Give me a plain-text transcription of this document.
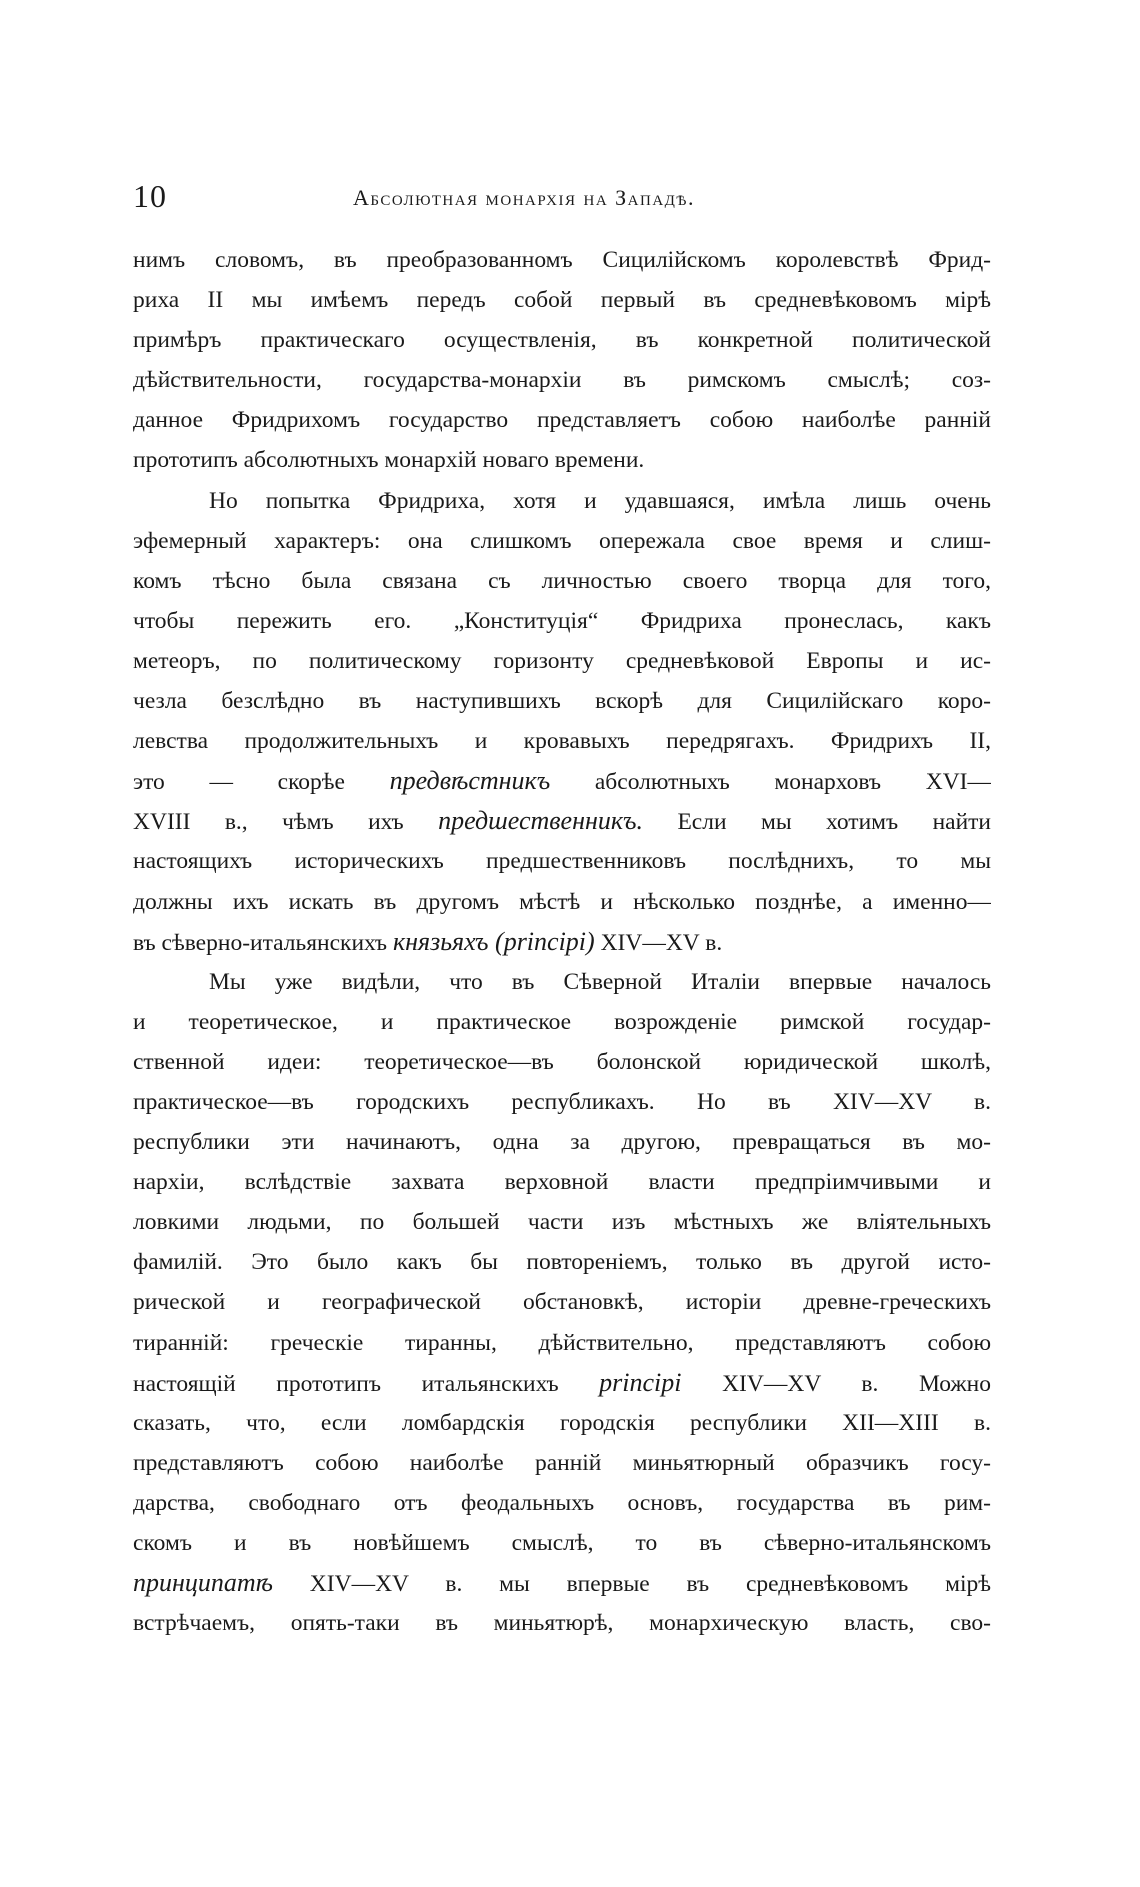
10	Абсолютная монархія на Западѣ.
нимъ словомъ, въ преобразованномъ Сицилійскомъ королевствѣ Фрид-
риха II мы имѣемъ передъ собой первый въ средневѣковомъ мірѣ
примѣръ практическаго осуществленія, въ конкретной политической
дѣйствительности, государства-монархіи въ римскомъ смыслѣ; соз-
данное Фридрихомъ государство представляетъ собою наиболѣе ранній
прототипъ абсолютныхъ монархій новаго времени.
Но попытка Фридриха, хотя и удавшаяся, имѣла лишь очень
эфемерный характеръ: она слишкомъ опережала свое время и слиш-
комъ тѣсно была связана съ личностью своего творца для того,
чтобы пережить его. „Конституція“ Фридриха пронеслась, какъ
метеоръ, по политическому горизонту средневѣковой Европы и ис-
чезла безслѣдно въ наступившихъ вскорѣ для Сицилійскаго коро-
левства продолжительныхъ и кровавыхъ передрягахъ. Фридрихъ II,
это — скорѣе предвѣстникъ абсолютныхъ монарховъ XVI—
XVIII в., чѣмъ ихъ предшественникъ. Если мы хотимъ найти
настоящихъ историческихъ предшественниковъ послѣднихъ, то мы
должны ихъ искать въ другомъ мѣстѣ и нѣсколько позднѣе, а именно—
въ сѣверно-итальянскихъ князьяхъ (principi) XIV—XV в.
Мы уже видѣли, что въ Сѣверной Италіи впервые началось
и теоретическое, и практическое возрожденіе римской государ-
ственной идеи: теоретическое—въ болонской юридической школѣ,
практическое—въ городскихъ республикахъ. Но въ XIV—XV в.
республики эти начинаютъ, одна за другою, превращаться въ мо-
нархіи, вслѣдствіе захвата верховной власти предпріимчивыми и
ловкими людьми, по большей части изъ мѣстныхъ же вліятельныхъ
фамилій. Это было какъ бы повтореніемъ, только въ другой исто-
рической и географической обстановкѣ, исторіи древне-греческихъ
тиранній: греческіе тиранны, дѣйствительно, представляютъ собою
настоящій прототипъ итальянскихъ principi XIV—XV в. Можно
сказать, что, если ломбардскія городскія республики XII—XIII в.
представляютъ собою наиболѣе ранній миньятюрный образчикъ госу-
дарства, свободнаго отъ феодальныхъ основъ, государства въ рим-
скомъ и въ новѣйшемъ смыслѣ, то въ сѣверно-итальянскомъ
принципатѣ XIV—XV в. мы впервые въ средневѣковомъ мірѣ
встрѣчаемъ, опять-таки въ миньятюрѣ, монархическую власть, сво-
